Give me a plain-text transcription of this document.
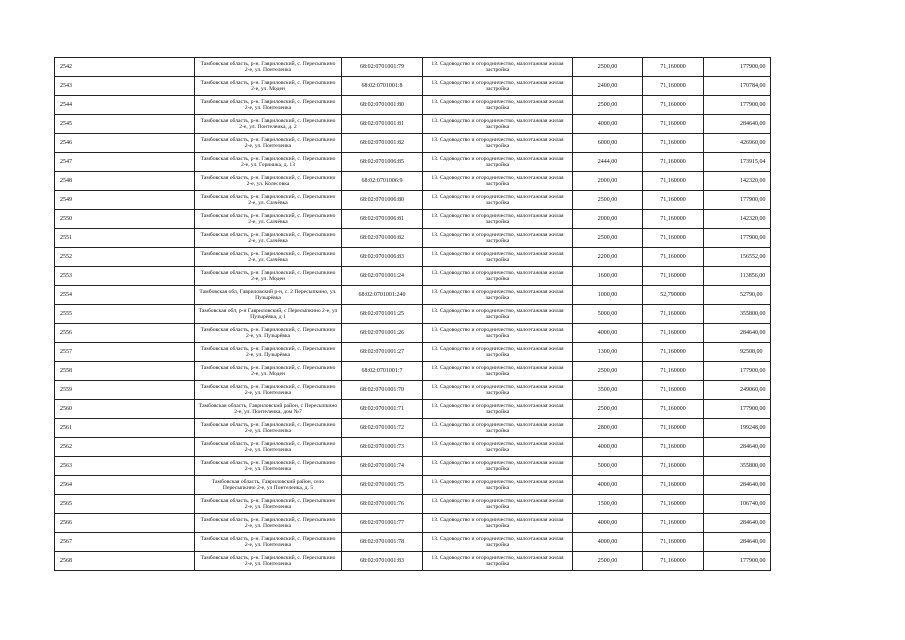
2542	Тамбовская область, р-н. Гавриловский, с. Пересыпкино 2-е, ул. Понтелеика	68:02:0701001:79	13. Садоводство и огородничество, малоэтажная жилая застройка	2500,00	71,160000	177900,00
2543	Тамбовская область, р-н. Гавриловский, с. Пересыпкино 2-е, ул. Моден	68:02:0701001:8	13. Садоводство и огородничество, малоэтажная жилая застройка	2400,00	71,160000	170784,00
2544	Тамбовская область, р-н. Гавриловский, с. Пересыпкино 2-е, ул. Понтелеика	68:02:0701001:80	13. Садоводство и огородничество, малоэтажная жилая застройка	2500,00	71,160000	177900,00
2545	Тамбовская область, р-н. Гавриловский, с. Пересыпкино 2-е, ул. Понтелеика, д. 2	68:02:0701001:81	13. Садоводство и огородничество, малоэтажная жилая застройка	4000,00	71,160000	284640,00
2546	Тамбовская область, р-н. Гавриловский, с. Пересыпкино 2-е, ул. Понтелеика	68:02:0701001:82	13. Садоводство и огородничество, малоэтажная жилая застройка	6000,00	71,160000	426960,00
2547	Тамбовская область, р-н. Гавриловский, с. Пересыпкино 2-е, ул. Горюшка, д. 13	68:02:0701006:85	13. Садоводство и огородничество, малоэтажная жилая застройка	2444,00	71,160000	173915,04
2548	Тамбовская область, р-н. Гавриловский, с. Пересыпкино 2-е, ул. Колесовка	68:02:0701006:9	13. Садоводство и огородничество, малоэтажная жилая застройка	2000,00	71,160000	142320,00
2549	Тамбовская область, р-н. Гавриловский, с. Пересыпкино 2-е, ул. Сазчёвка	68:02:0701006:80	13. Садоводство и огородничество, малоэтажная жилая застройка	2500,00	71,160000	177900,00
2550	Тамбовская область, р-н. Гавриловский, с. Пересыпкино 2-е, ул. Сазчёвка	68:02:0701006:81	13. Садоводство и огородничество, малоэтажная жилая застройка	2000,00	71,160000	142320,00
2551	Тамбовская область, р-н. Гавриловский, с. Пересыпкино 2-е, ул. Сазчёвка	68:02:0701006:82	13. Садоводство и огородничество, малоэтажная жилая застройка	2500,00	71,160000	177900,00
2552	Тамбовская область, р-н. Гавриловский, с. Пересыпкино 2-е, ул. Сазчёвка	68:02:0701006:83	13. Садоводство и огородничество, малоэтажная жилая застройка	2200,00	71,160000	156552,00
2553	Тамбовская область, р-н. Гавриловский, с. Пересыпкино 2-е, ул. Моден	68:02:0701001:24	13. Садоводство и огородничество, малоэтажная жилая застройка	1600,00	71,160000	113856,00
2554	Тамбовская обл, Гавриловский р-н, с. 2 Пересыпкино, ул. Пузырёвка	68:02:0701001:240	13. Садоводство и огородничество, малоэтажная жилая застройка	1000,00	52,790000	52790,00
2555	Тамбовская обл, р-н Гавриловский, с Пересыпкино 2-е, ул Пузырёвка, д 1	68:02:0701001:25	13. Садоводство и огородничество, малоэтажная жилая застройка	5000,00	71,160000	355800,00
2556	Тамбовская область, р-н. Гавриловский, с. Пересыпкино 2-е, ул. Пузырёвка	68:02:0701001:26	13. Садоводство и огородничество, малоэтажная жилая застройка	4000,00	71,160000	284640,00
2557	Тамбовская область, р-н. Гавриловский, с. Пересыпкино 2-е, ул. Пузырёвка	68:02:0701001:27	13. Садоводство и огородничество, малоэтажная жилая застройка	1300,00	71,160000	92508,00
2558	Тамбовская область, р-н. Гавриловский, с. Пересыпкино 2-е, ул. Моден	68:02:0701001:7	13. Садоводство и огородничество, малоэтажная жилая застройка	2500,00	71,160000	177900,00
2559	Тамбовская область, р-н. Гавриловский, с. Пересыпкино 2-е, ул. Понтелеика	68:02:0701001:70	13. Садоводство и огородничество, малоэтажная жилая застройка	3500,00	71,160000	249060,00
2560	Тамбовская область, Гавриловский район, с Пересыпкино 2-е, ул. Понтелеика, дом №7	68:02:0701001:71	13. Садоводство и огородничество, малоэтажная жилая застройка	2500,00	71,160000	177900,00
2561	Тамбовская область, р-н. Гавриловский, с. Пересыпкино 2-е, ул. Понтелеика	68:02:0701001:72	13. Садоводство и огородничество, малоэтажная жилая застройка	2800,00	71,160000	199248,00
2562	Тамбовская область, р-н. Гавриловский, с. Пересыпкино 2-е, ул. Понтелеика	68:02:0701001:73	13. Садоводство и огородничество, малоэтажная жилая застройка	4000,00	71,160000	284640,00
2563	Тамбовская область, р-н. Гавриловский, с. Пересыпкино 2-е, ул. Понтелеика	68:02:0701001:74	13. Садоводство и огородничество, малоэтажная жилая застройка	5000,00	71,160000	355800,00
2564	Тамбовская область, Гавриловский район, село Пересыпкино 2-е, ул Понтелеика, д. 5	68:02:0701001:75	13. Садоводство и огородничество, малоэтажная жилая застройка	4000,00	71,160000	284640,00
2565	Тамбовская область, р-н. Гавриловский, с. Пересыпкино 2-е, ул. Понтелеика	68:02:0701001:76	13. Садоводство и огородничество, малоэтажная жилая застройка	1500,00	71,160000	106740,00
2566	Тамбовская область, р-н. Гавриловский, с. Пересыпкино 2-е, ул. Понтелеика	68:02:0701001:77	13. Садоводство и огородничество, малоэтажная жилая застройка	4000,00	71,160000	284640,00
2567	Тамбовская область, р-н. Гавриловский, с. Пересыпкино 2-е, ул. Понтелеика	68:02:0701001:78	13. Садоводство и огородничество, малоэтажная жилая застройка	4000,00	71,160000	284640,00
2568	Тамбовская область, р-н. Гавриловский, с. Пересыпкино 2-е, ул. Понтелеика	68:02:0701001:83	13. Садоводство и огородничество, малоэтажная жилая застройка	2500,00	71,160000	177900,00
